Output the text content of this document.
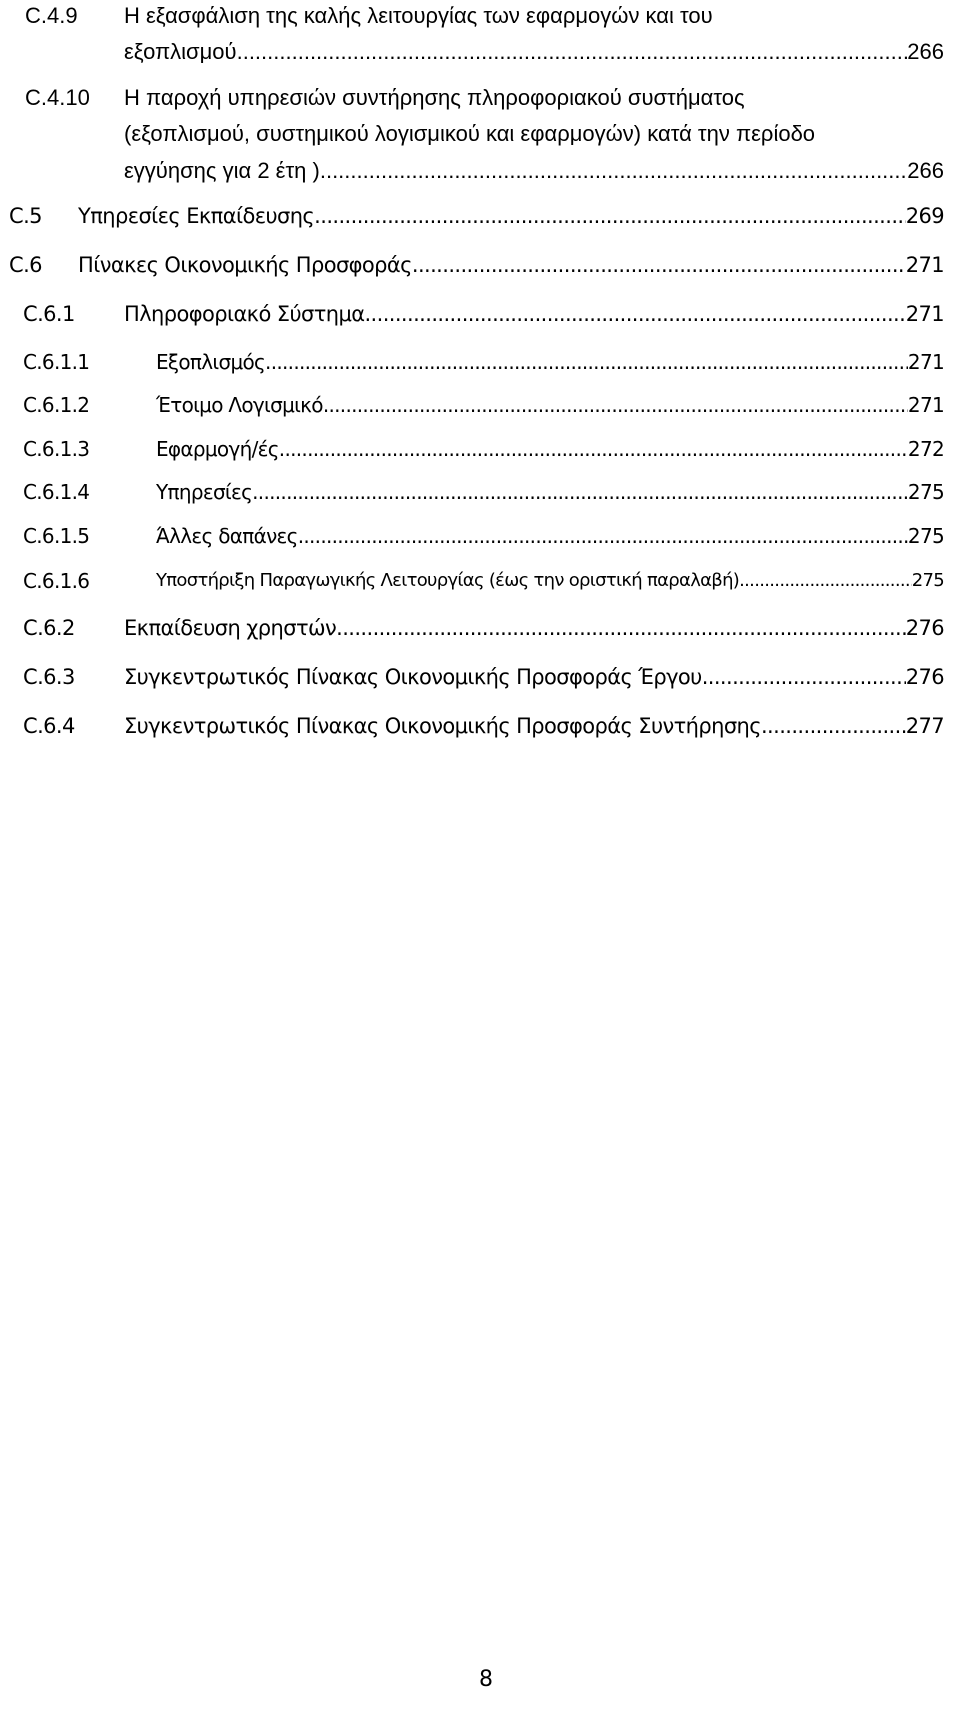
C.4.9 Η εξασφάλιση της καλής λειτουργίας των εφαρμογών και του
εξοπλισμού. .....	266
C.4.10 Η παροχή υπηρεσιών συντήρησης πληροφοριακού συστήματος
(εξοπλισμού, συστημικού λογισμικού και εφαρμογών) κατά την περίοδο
εγγύησης για 2 έτη ) .....	266
C.5 Υπηρεσίες Εκπαίδευσης .....	269
C.6 Πίνακες Οικονομικής Προσφοράς .....	271
C.6.1 Πληροφοριακό Σύστημα .....	271
C.6.1.1	Εξοπλισμός .....	271
C.6.1.2	Έτοιμο Λογισμικό .....	271
C.6.1.3	Εφαρμογή/ές .....	272
C.6.1.4	Υπηρεσίες .....	275
C.6.1.5	Άλλες δαπάνες .....	275
C.6.1.6	Υποστήριξη Παραγωγικής Λειτουργίας (έως την οριστική παραλαβή) .....	275
C.6.2 Εκπαίδευση χρηστών .....	276
C.6.3 Συγκεντρωτικός Πίνακας Οικονομικής Προσφοράς Έργου .....	276
C.6.4 Συγκεντρωτικός Πίνακας Οικονομικής Προσφοράς Συντήρησης .....	277
8
